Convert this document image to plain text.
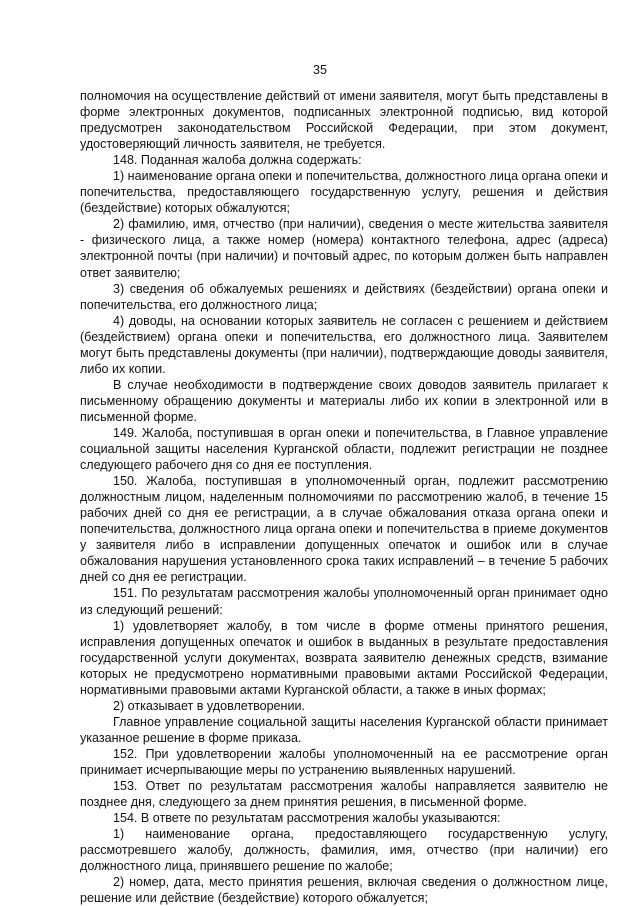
35

полномочия на осуществление действий от имени заявителя, могут быть представлены в форме электронных документов, подписанных электронной подписью, вид которой предусмотрен законодательством Российской Федерации, при этом документ, удостоверяющий личность заявителя, не требуется.

148. Поданная жалоба должна содержать:

1) наименование органа опеки и попечительства, должностного лица органа опеки и попечительства, предоставляющего государственную услугу, решения и действия (бездействие) которых обжалуются;

2) фамилию, имя, отчество (при наличии), сведения о месте жительства заявителя - физического лица, а также номер (номера) контактного телефона, адрес (адреса) электронной почты (при наличии) и почтовый адрес, по которым должен быть направлен ответ заявителю;

3) сведения об обжалуемых решениях и действиях (бездействии) органа опеки и попечительства, его должностного лица;

4) доводы, на основании которых заявитель не согласен с решением и действием (бездействием) органа опеки и попечительства, его должностного лица. Заявителем могут быть представлены документы (при наличии), подтверждающие доводы заявителя, либо их копии.

В случае необходимости в подтверждение своих доводов заявитель прилагает к письменному обращению документы и материалы либо их копии в электронной или в письменной форме.

149. Жалоба, поступившая в орган опеки и попечительства, в Главное управление социальной защиты населения Курганской области, подлежит регистрации не позднее следующего рабочего дня со дня ее поступления.

150. Жалоба, поступившая в уполномоченный орган, подлежит рассмотрению должностным лицом, наделенным полномочиями по рассмотрению жалоб, в течение 15 рабочих дней со дня ее регистрации, а в случае обжалования отказа органа опеки и попечительства, должностного лица органа опеки и попечительства в приеме документов у заявителя либо в исправлении допущенных опечаток и ошибок или в случае обжалования нарушения установленного срока таких исправлений – в течение 5 рабочих дней со дня ее регистрации.

151. По результатам рассмотрения жалобы уполномоченный орган принимает одно из следующий решений:

1) удовлетворяет жалобу, в том числе в форме отмены принятого решения, исправления допущенных опечаток и ошибок в выданных в результате предоставления государственной услуги документах, возврата заявителю денежных средств, взимание которых не предусмотрено нормативными правовыми актами Российской Федерации, нормативными правовыми актами Курганской области, а также в иных формах;

2) отказывает в удовлетворении.

Главное управление социальной защиты населения Курганской области принимает указанное решение в форме приказа.

152. При удовлетворении жалобы уполномоченный на ее рассмотрение орган принимает исчерпывающие меры по устранению выявленных нарушений.

153. Ответ по результатам рассмотрения жалобы направляется заявителю не позднее дня, следующего за днем принятия решения, в письменной форме.

154. В ответе по результатам рассмотрения жалобы указываются:

1) наименование органа, предоставляющего государственную услугу, рассмотревшего жалобу, должность, фамилия, имя, отчество (при наличии) его должностного лица, принявшего решение по жалобе;

2) номер, дата, место принятия решения, включая сведения о должностном лице, решение или действие (бездействие) которого обжалуется;
